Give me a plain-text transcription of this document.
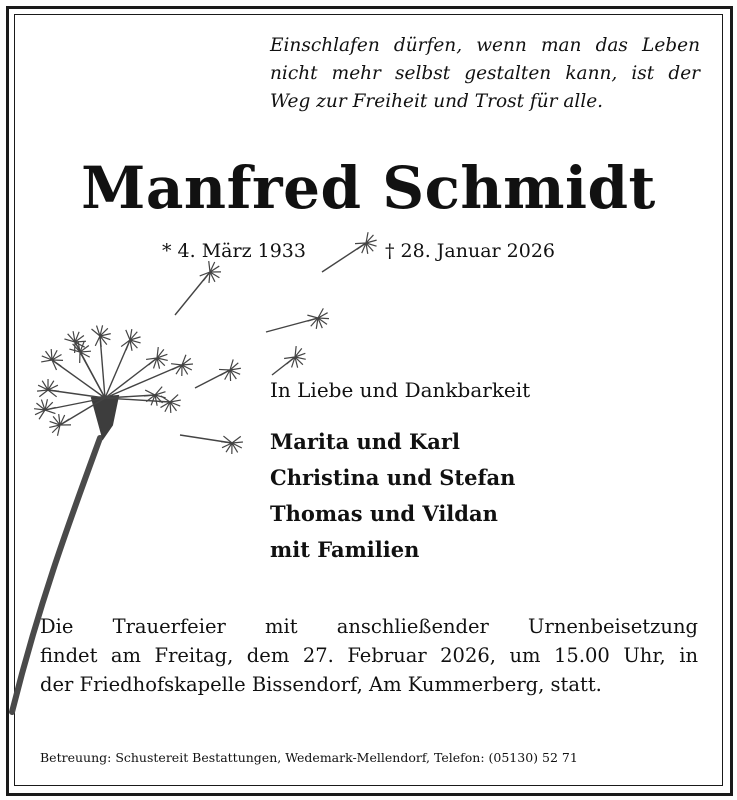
Einschlafen dürfen, wenn man das Leben
nicht mehr selbst gestalten kann, ist der
Weg zur Freiheit und Trost für alle.
Manfred Schmidt
* 4. März 1933	† 28. Januar 2026
In Liebe und Dankbarkeit
Marita und Karl
Christina und Stefan
Thomas und Vildan
mit Familien
Die Trauerfeier mit anschließender Urnenbeisetzung
findet am Freitag, dem 27. Februar 2026, um 15.00 Uhr, in
der Friedhofskapelle Bissendorf, Am Kummerberg, statt.
Betreuung: Schustereit Bestattungen, Wedemark-Mellendorf, Telefon: (05130) 52 71
